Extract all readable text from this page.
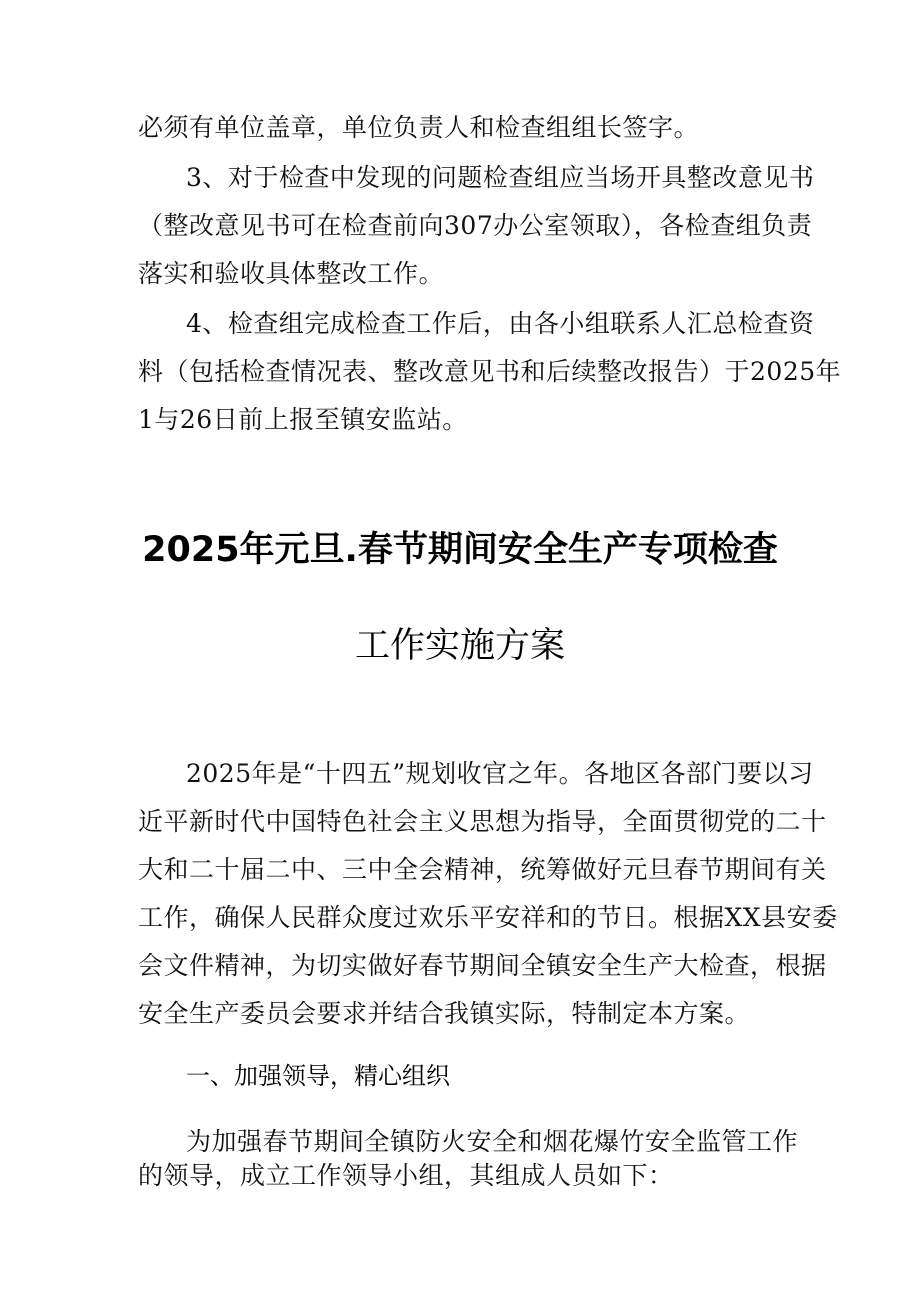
必须有单位盖章，单位负责人和检查组组长签字。
3、对于检查中发现的问题检查组应当场开具整改意见书
（整改意见书可在检查前向307办公室领取），各检查组负责
落实和验收具体整改工作。
4、检查组完成检查工作后，由各小组联系人汇总检查资
料（包括检查情况表、整改意见书和后续整改报告）于2025年
1与26日前上报至镇安监站。
2025年元旦.春节期间安全生产专项检查
工作实施方案
2025年是“十四五”规划收官之年。各地区各部门要以习
近平新时代中国特色社会主义思想为指导，全面贯彻党的二十
大和二十届二中、三中全会精神，统筹做好元旦春节期间有关
工作，确保人民群众度过欢乐平安祥和的节日。根据XX县安委
会文件精神，为切实做好春节期间全镇安全生产大检查，根据
安全生产委员会要求并结合我镇实际，特制定本方案。
一、加强领导，精心组织
为加强春节期间全镇防火安全和烟花爆竹安全监管工作
的领导，成立工作领导小组，其组成人员如下：
